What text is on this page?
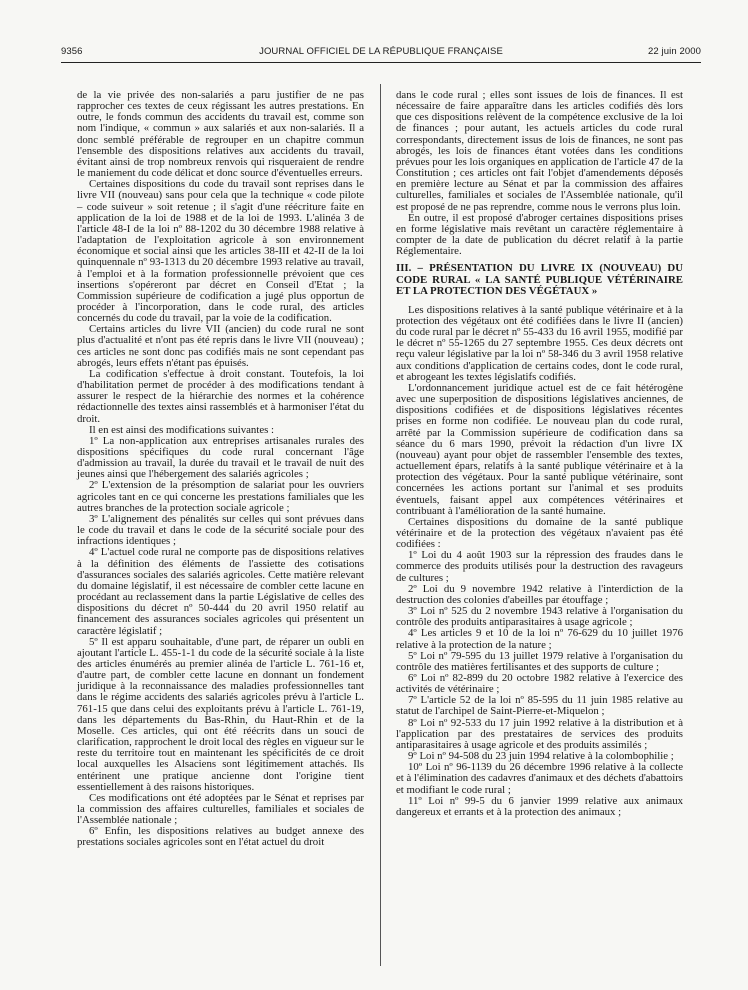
9356	JOURNAL OFFICIEL DE LA RÉPUBLIQUE FRANÇAISE	22 juin 2000

de la vie privée des non-salariés a paru justifier de ne pas rapprocher ces textes de ceux régissant les autres prestations. En outre, le fonds commun des accidents du travail est, comme son nom l'indique, « commun » aux salariés et aux non-salariés. Il a donc semblé préférable de regrouper en un chapitre commun l'ensemble des dispositions relatives aux accidents du travail, évitant ainsi de trop nombreux renvois qui risqueraient de rendre le maniement du code délicat et donc source d'éventuelles erreurs.

Certaines dispositions du code du travail sont reprises dans le livre VII (nouveau) sans pour cela que la technique « code pilote – code suiveur » soit retenue ; il s'agit d'une réécriture faite en application de la loi de 1988 et de la loi de 1993. L'alinéa 3 de l'article 48-I de la loi nº 88-1202 du 30 décembre 1988 relative à l'adaptation de l'exploitation agricole à son environnement économique et social ainsi que les articles 38-III et 42-II de la loi quinquennale nº 93-1313 du 20 décembre 1993 relative au travail, à l'emploi et à la formation professionnelle prévoient que ces insertions s'opéreront par décret en Conseil d'Etat ; la Commission supérieure de codification a jugé plus opportun de procéder à l'incorporation, dans le code rural, des articles concernés du code du travail, par la voie de la codification.

Certains articles du livre VII (ancien) du code rural ne sont plus d'actualité et n'ont pas été repris dans le livre VII (nouveau) ; ces articles ne sont donc pas codifiés mais ne sont cependant pas abrogés, leurs effets n'étant pas épuisés.

La codification s'effectue à droit constant. Toutefois, la loi d'habilitation permet de procéder à des modifications tendant à assurer le respect de la hiérarchie des normes et la cohérence rédactionnelle des textes ainsi rassemblés et à harmoniser l'état du droit.

Il en est ainsi des modifications suivantes :

1º La non-application aux entreprises artisanales rurales des dispositions spécifiques du code rural concernant l'âge d'admission au travail, la durée du travail et le travail de nuit des jeunes ainsi que l'hébergement des salariés agricoles ;

2º L'extension de la présomption de salariat pour les ouvriers agricoles tant en ce qui concerne les prestations familiales que les autres branches de la protection sociale agricole ;

3º L'alignement des pénalités sur celles qui sont prévues dans le code du travail et dans le code de la sécurité sociale pour des infractions identiques ;

4º L'actuel code rural ne comporte pas de dispositions relatives à la définition des éléments de l'assiette des cotisations d'assurances sociales des salariés agricoles. Cette matière relevant du domaine législatif, il est nécessaire de combler cette lacune en procédant au reclassement dans la partie Législative de celles des dispositions du décret nº 50-444 du 20 avril 1950 relatif au financement des assurances sociales agricoles qui présentent un caractère législatif ;

5º Il est apparu souhaitable, d'une part, de réparer un oubli en ajoutant l'article L. 455-1-1 du code de la sécurité sociale à la liste des articles énumérés au premier alinéa de l'article L. 761-16 et, d'autre part, de combler cette lacune en donnant un fondement juridique à la reconnaissance des maladies professionnelles tant dans le régime accidents des salariés agricoles prévu à l'article L. 761-15 que dans celui des exploitants prévu à l'article L. 761-19, dans les départements du Bas-Rhin, du Haut-Rhin et de la Moselle. Ces articles, qui ont été réécrits dans un souci de clarification, rapprochent le droit local des règles en vigueur sur le reste du territoire tout en maintenant les spécificités de ce droit local auxquelles les Alsaciens sont légitimement attachés. Ils entérinent une pratique ancienne dont l'origine tient essentiellement à des raisons historiques.

Ces modifications ont été adoptées par le Sénat et reprises par la commission des affaires culturelles, familiales et sociales de l'Assemblée nationale ;

6º Enfin, les dispositions relatives au budget annexe des prestations sociales agricoles sont en l'état actuel du droit

dans le code rural ; elles sont issues de lois de finances. Il est nécessaire de faire apparaître dans les articles codifiés dès lors que ces dispositions relèvent de la compétence exclusive de la loi de finances ; pour autant, les actuels articles du code rural correspondants, directement issus de lois de finances, ne sont pas abrogés, les lois de finances étant votées dans les conditions prévues pour les lois organiques en application de l'article 47 de la Constitution ; ces articles ont fait l'objet d'amendements déposés en première lecture au Sénat et par la commission des affaires culturelles, familiales et sociales de l'Assemblée nationale, qu'il est proposé de ne pas reprendre, comme nous le verrons plus loin.

En outre, il est proposé d'abroger certaines dispositions prises en forme législative mais revêtant un caractère réglementaire à compter de la date de publication du décret relatif à la partie Réglementaire.

III. – PRÉSENTATION DU LIVRE IX (NOUVEAU) DU CODE RURAL « LA SANTÉ PUBLIQUE VÉTÉRINAIRE ET LA PROTECTION DES VÉGÉTAUX »

Les dispositions relatives à la santé publique vétérinaire et à la protection des végétaux ont été codifiées dans le livre II (ancien) du code rural par le décret nº 55-433 du 16 avril 1955, modifié par le décret nº 55-1265 du 27 septembre 1955. Ces deux décrets ont reçu valeur législative par la loi nº 58-346 du 3 avril 1958 relative aux conditions d'application de certains codes, dont le code rural, et abrogeant les textes législatifs codifiés.

L'ordonnancement juridique actuel est de ce fait hétérogène avec une superposition de dispositions législatives anciennes, de dispositions codifiées et de dispositions législatives récentes prises en forme non codifiée. Le nouveau plan du code rural, arrêté par la Commission supérieure de codification dans sa séance du 6 mars 1990, prévoit la rédaction d'un livre IX (nouveau) ayant pour objet de rassembler l'ensemble des textes, actuellement épars, relatifs à la santé publique vétérinaire et à la protection des végétaux. Pour la santé publique vétérinaire, sont concernées les actions portant sur l'animal et ses produits éventuels, faisant appel aux compétences vétérinaires et contribuant à l'amélioration de la santé humaine.

Certaines dispositions du domaine de la santé publique vétérinaire et de la protection des végétaux n'avaient pas été codifiées :

1º Loi du 4 août 1903 sur la répression des fraudes dans le commerce des produits utilisés pour la destruction des ravageurs de cultures ;

2º Loi du 9 novembre 1942 relative à l'interdiction de la destruction des colonies d'abeilles par étouffage ;

3º Loi nº 525 du 2 novembre 1943 relative à l'organisation du contrôle des produits antiparasitaires à usage agricole ;

4º Les articles 9 et 10 de la loi nº 76-629 du 10 juillet 1976 relative à la protection de la nature ;

5º Loi nº 79-595 du 13 juillet 1979 relative à l'organisation du contrôle des matières fertilisantes et des supports de culture ;

6º Loi nº 82-899 du 20 octobre 1982 relative à l'exercice des activités de vétérinaire ;

7º L'article 52 de la loi nº 85-595 du 11 juin 1985 relative au statut de l'archipel de Saint-Pierre-et-Miquelon ;

8º Loi nº 92-533 du 17 juin 1992 relative à la distribution et à l'application par des prestataires de services des produits antiparasitaires à usage agricole et des produits assimilés ;

9º Loi nº 94-508 du 23 juin 1994 relative à la colombophilie ;

10º Loi nº 96-1139 du 26 décembre 1996 relative à la collecte et à l'élimination des cadavres d'animaux et des déchets d'abattoirs et modifiant le code rural ;

11º Loi nº 99-5 du 6 janvier 1999 relative aux animaux dangereux et errants et à la protection des animaux ;
